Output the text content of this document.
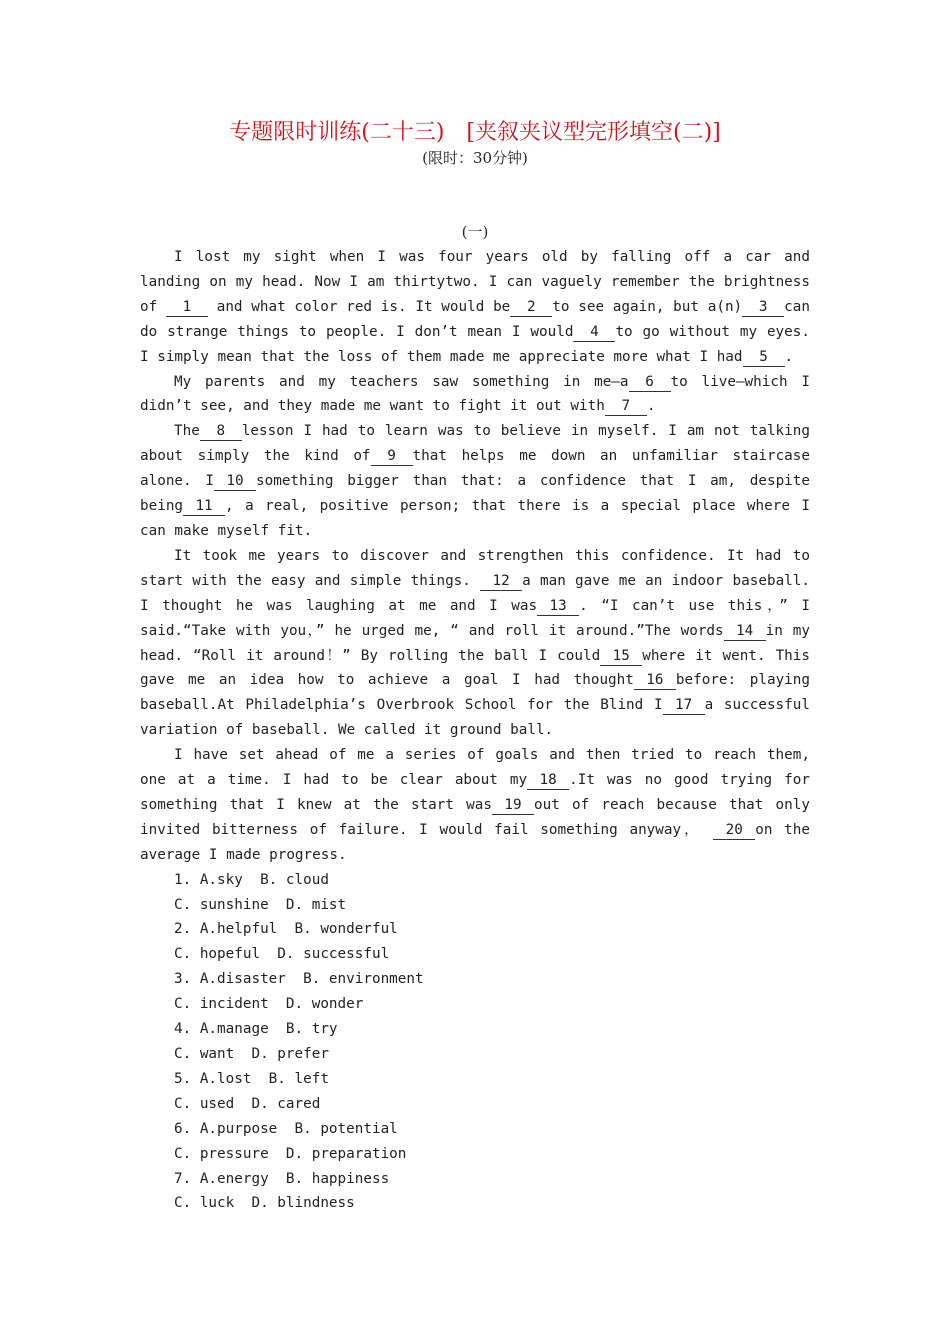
专题限时训练(二十三)　[夹叙夹议型完形填空(二)]
(限时：30分钟)
(一)

I lost my sight when I was four years old by falling off a car and landing on my head. Now I am thirtytwo. I can vaguely remember the brightness of 1 and what color red is. It would be 2 to see again, but a(n) 3 can do strange things to people. I don’t mean I would 4 to go without my eyes. I simply mean that the loss of them made me appreciate more what I had 5 .

My parents and my teachers saw something in me—a 6 to live—which I didn’t see, and they made me want to fight it out with 7 .

The 8 lesson I had to learn was to believe in myself. I am not talking about simply the kind of 9 that helps me down an unfamiliar staircase alone. I 10 something bigger than that: a confidence that I am, despite being 11 , a real, positive person; that there is a special place where I can make myself fit.

It took me years to discover and strengthen this confidence. It had to start with the easy and simple things. 12 a man gave me an indoor baseball. I thought he was laughing at me and I was 13 . “I can’t use this，” I said.“Take with you，” he urged me, “ and roll it around.”The words 14 in my head. “Roll it around！” By rolling the ball I could 15 where it went. This gave me an idea how to achieve a goal I had thought 16 before: playing baseball.At Philadelphia’s Overbrook School for the Blind I 17 a successful variation of baseball. We called it ground ball.

I have set ahead of me a series of goals and then tried to reach them, one at a time. I had to be clear about my 18 .It was no good trying for something that I knew at the start was 19 out of reach because that only invited bitterness of failure. I would fail something anyway， 20 on the average I made progress.

1. A.sky  B. cloud
C. sunshine  D. mist
2. A.helpful  B. wonderful
C. hopeful  D. successful
3. A.disaster  B. environment
C. incident  D. wonder
4. A.manage  B. try
C. want  D. prefer
5. A.lost  B. left
C. used  D. cared
6. A.purpose  B. potential
C. pressure  D. preparation
7. A.energy  B. happiness
C. luck  D. blindness
